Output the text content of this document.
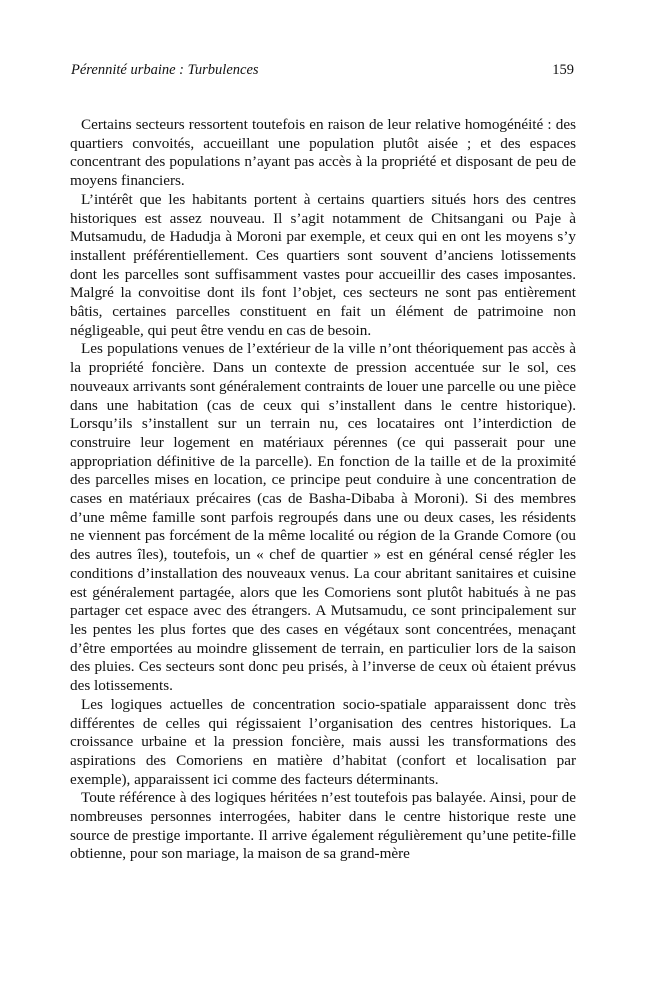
Pérennité urbaine : Turbulences	159

Certains secteurs ressortent toutefois en raison de leur relative homogénéité : des quartiers convoités, accueillant une population plutôt aisée ; et des espaces concentrant des populations n’ayant pas accès à la propriété et disposant de peu de moyens financiers.

L’intérêt que les habitants portent à certains quartiers situés hors des centres historiques est assez nouveau. Il s’agit notamment de Chitsangani ou Paje à Mutsamudu, de Hadudja à Moroni par exemple, et ceux qui en ont les moyens s’y installent préférentiellement. Ces quartiers sont souvent d’anciens lotissements dont les parcelles sont suffisamment vastes pour accueillir des cases imposantes. Malgré la convoitise dont ils font l’objet, ces secteurs ne sont pas entièrement bâtis, certaines parcelles constituent en fait un élément de patrimoine non négligeable, qui peut être vendu en cas de besoin.

Les populations venues de l’extérieur de la ville n’ont théoriquement pas accès à la propriété foncière. Dans un contexte de pression accentuée sur le sol, ces nouveaux arrivants sont généralement contraints de louer une parcelle ou une pièce dans une habitation (cas de ceux qui s’installent dans le centre historique). Lorsqu’ils s’installent sur un terrain nu, ces locataires ont l’interdiction de construire leur logement en matériaux pérennes (ce qui passerait pour une appropriation définitive de la parcelle). En fonction de la taille et de la proximité des parcelles mises en location, ce principe peut conduire à une concentration de cases en matériaux précaires (cas de Basha-Dibaba à Moroni). Si des membres d’une même famille sont parfois regroupés dans une ou deux cases, les résidents ne viennent pas forcément de la même localité ou région de la Grande Comore (ou des autres îles), toutefois, un « chef de quartier » est en général censé régler les conditions d’installation des nouveaux venus. La cour abritant sanitaires et cuisine est généralement partagée, alors que les Comoriens sont plutôt habitués à ne pas partager cet espace avec des étrangers. A Mutsamudu, ce sont principalement sur les pentes les plus fortes que des cases en végétaux sont concentrées, menaçant d’être emportées au moindre glissement de terrain, en particulier lors de la saison des pluies. Ces secteurs sont donc peu prisés, à l’inverse de ceux où étaient prévus des lotissements.

Les logiques actuelles de concentration socio-spatiale apparaissent donc très différentes de celles qui régissaient l’organisation des centres historiques. La croissance urbaine et la pression foncière, mais aussi les transformations des aspirations des Comoriens en matière d’habitat (confort et localisation par exemple), apparaissent ici comme des facteurs déterminants.

Toute référence à des logiques héritées n’est toutefois pas balayée. Ainsi, pour de nombreuses personnes interrogées, habiter dans le centre historique reste une source de prestige importante. Il arrive également régulièrement qu’une petite-fille obtienne, pour son mariage, la maison de sa grand-mère
